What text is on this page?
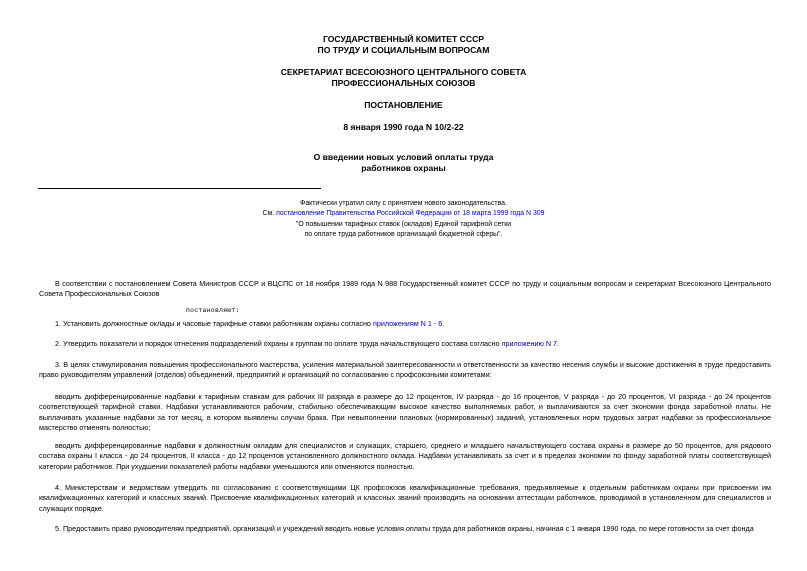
ГОСУДАРСТВЕННЫЙ КОМИТЕТ СССР
ПО ТРУДУ И СОЦИАЛЬНЫМ ВОПРОСАМ
СЕКРЕТАРИАТ ВСЕСОЮЗНОГО ЦЕНТРАЛЬНОГО СОВЕТА
ПРОФЕССИОНАЛЬНЫХ СОЮЗОВ
ПОСТАНОВЛЕНИЕ
8 января 1990 года N 10/2-22
О введении новых условий оплаты труда
работников охраны
Фактически утратил силу с принятием нового законодательства.
См. постановление Правительства Российской Федерации от 18 марта 1999 года N 309
"О повышении тарифных ставок (окладов) Единой тарифной сетки
по оплате труда работников организаций бюджетной сферы".
В соответствии с постановлением Совета Министров СССР и ВЦСПС от 18 ноября 1989 года N 988 Государственный комитет СССР по труду и социальным вопросам и секретариат Всесоюзного Центрального Совета Профессиональных Союзов
постановляют:
1. Установить должностные оклады и часовые тарифные ставки работникам охраны согласно приложениям N 1 - 6.
2. Утвердить показатели и порядок отнесения подразделений охраны к группам по оплате труда начальствующего состава согласно приложению N 7.
3. В целях стимулирования повышения профессионального мастерства, усиления материальной заинтересованности и ответственности за качество несения службы и высокие достижения в труде предоставить право руководителям управлений (отделов) объединений, предприятий и организаций по согласованию с профсоюзными комитетами:
вводить дифференцированные надбавки к тарифным ставкам для рабочих III разряда в размере до 12 процентов, IV разряда - до 16 процентов, V разряда - до 20 процентов, VI разряда - до 24 процентов соответствующей тарифной ставки. Надбавки устанавливаются рабочим, стабильно обеспечивающим высокое качество выполняемых работ, и выплачиваются за счет экономии фонда заработной платы. Не выплачивать указанные надбавки за тот месяц, в котором выявлены случаи брака. При невыполнении плановых (нормированных) заданий, установленных норм трудовых затрат надбавки за профессиональное мастерство отменять полностью;
вводить дифференцированные надбавки к должностным окладам для специалистов и служащих, старшего, среднего и младшего начальствующего состава охраны в размере до 50 процентов, для рядового состава охраны I класса - до 24 процентов, II класса - до 12 процентов установленного должностного оклада. Надбавки устанавливать за счет и в пределах экономии по фонду заработной платы соответствующей категории работников. При ухудшении показателей работы надбавки уменьшаются или отменяются полностью.
4. Министерствам и ведомствам утвердить по согласованию с соответствующими ЦК профсоюзов квалификационные требования, предъявляемые к отдельным работникам охраны при присвоении им квалификационных категорий и классных званий. Присвоение квалификационных категорий и классных званий производить на основании аттестации работников, проводимой в установленном для специалистов и служащих порядке.
5. Предоставить право руководителям предприятий, организаций и учреждений вводить новые условия оплаты труда для работников охраны, начиная с 1 января 1990 года, по мере готовности за счет фонда
